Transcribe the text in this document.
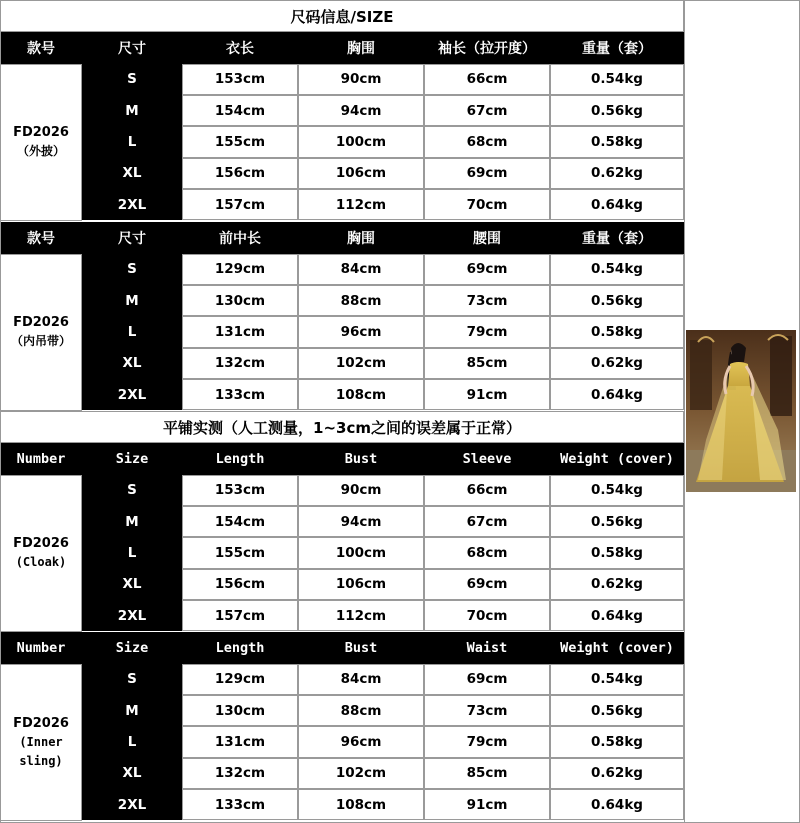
尺码信息/SIZE
平铺实测（人工测量，1~3cm之间的误差属于正常）
款号	尺寸	衣长	胸围	袖长（拉开度）	重量（套）
FD2026
（外披）
S	153cm	90cm	66cm	0.54kg
M	154cm	94cm	67cm	0.56kg
L	155cm	100cm	68cm	0.58kg
XL	156cm	106cm	69cm	0.62kg
2XL	157cm	112cm	70cm	0.64kg
款号	尺寸	前中长	胸围	腰围	重量（套）
FD2026
（内吊带）
S	129cm	84cm	69cm	0.54kg
M	130cm	88cm	73cm	0.56kg
L	131cm	96cm	79cm	0.58kg
XL	132cm	102cm	85cm	0.62kg
2XL	133cm	108cm	91cm	0.64kg
Number	Size	Length	Bust	Sleeve	Weight (cover)
FD2026
(Cloak)
S	153cm	90cm	66cm	0.54kg
M	154cm	94cm	67cm	0.56kg
L	155cm	100cm	68cm	0.58kg
XL	156cm	106cm	69cm	0.62kg
2XL	157cm	112cm	70cm	0.64kg
Number	Size	Length	Bust	Waist	Weight (cover)
FD2026
(Inner sling)
S	129cm	84cm	69cm	0.54kg
M	130cm	88cm	73cm	0.56kg
L	131cm	96cm	79cm	0.58kg
XL	132cm	102cm	85cm	0.62kg
2XL	133cm	108cm	91cm	0.64kg
